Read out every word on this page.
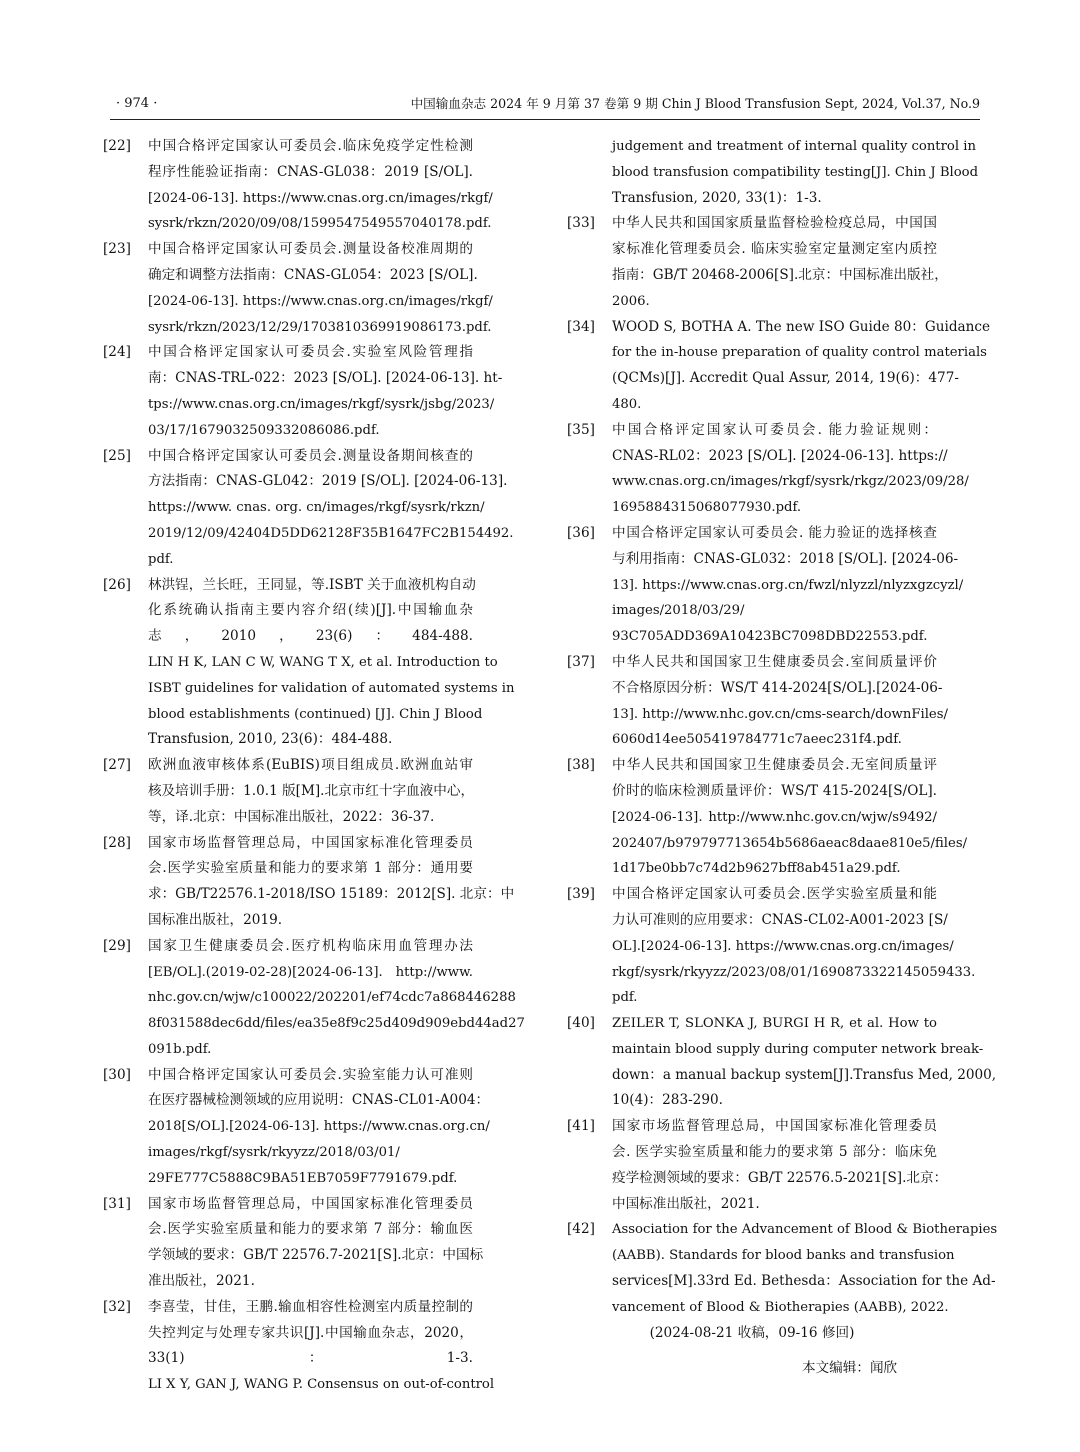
· 974 ·	中国输血杂志 2024 年 9 月第 37 卷第 9 期 Chin J Blood Transfusion Sept, 2024, Vol.37, No.9
[22]	中国合格评定国家认可委员会.临床免疫学定性检测
程序性能验证指南：CNAS-GL038：2019 [S/OL].
[2024-06-13]. https://www.cnas.org.cn/images/rkgf/
sysrk/rkzn/2020/09/08/1599547549557040178.pdf.
[23]	中国合格评定国家认可委员会.测量设备校准周期的
确定和调整方法指南：CNAS-GL054：2023 [S/OL].
[2024-06-13]. https://www.cnas.org.cn/images/rkgf/
sysrk/rkzn/2023/12/29/1703810369919086173.pdf.
[24]	中国合格评定国家认可委员会.实验室风险管理指
南：CNAS-TRL-022：2023 [S/OL]. [2024-06-13]. ht-
tps://www.cnas.org.cn/images/rkgf/sysrk/jsbg/2023/
03/17/1679032509332086086.pdf.
[25]	中国合格评定国家认可委员会.测量设备期间核查的
方法指南：CNAS-GL042：2019 [S/OL]. [2024-06-13].
https://www. cnas. org. cn/images/rkgf/sysrk/rkzn/
2019/12/09/42404D5DD62128F35B1647FC2B154492.
pdf.
[26]	林洪锃，兰长旺，王同显，等.ISBT 关于血液机构自动
化系统确认指南主要内容介绍(续)[J].中国输血杂
志，2010，23(6)：484-488.
LIN H K, LAN C W, WANG T X, et al. Introduction to
ISBT guidelines for validation of automated systems in
blood establishments (continued) [J]. Chin J Blood
Transfusion, 2010, 23(6)：484-488.
[27]	欧洲血液审核体系(EuBIS)项目组成员.欧洲血站审
核及培训手册：1.0.1 版[M].北京市红十字血液中心，
等，译.北京：中国标准出版社，2022：36-37.
[28]	国家市场监督管理总局，中国国家标准化管理委员
会.医学实验室质量和能力的要求第 1 部分：通用要
求：GB/T22576.1-2018/ISO 15189：2012[S]. 北京：中
国标准出版社，2019.
[29]	国家卫生健康委员会.医疗机构临床用血管理办法
[EB/OL].(2019-02-28)[2024-06-13]. http://www.
nhc.gov.cn/wjw/c100022/202201/ef74cdc7a868446288
8f031588dec6dd/files/ea35e8f9c25d409d909ebd44ad27
091b.pdf.
[30]	中国合格评定国家认可委员会.实验室能力认可准则
在医疗器械检测领域的应用说明：CNAS-CL01-A004：
2018[S/OL].[2024-06-13]. https://www.cnas.org.cn/
images/rkgf/sysrk/rkyyzz/2018/03/01/
29FE777C5888C9BA51EB7059F7791679.pdf.
[31]	国家市场监督管理总局，中国国家标准化管理委员
会.医学实验室质量和能力的要求第 7 部分：输血医
学领域的要求：GB/T 22576.7-2021[S].北京：中国标
准出版社，2021.
[32]	李喜莹，甘佳，王鹏.输血相容性检测室内质量控制的
失控判定与处理专家共识[J].中国输血杂志，2020，
33(1)：1-3.
LI X Y, GAN J, WANG P. Consensus on out-of-control
judgement and treatment of internal quality control in
blood transfusion compatibility testing[J]. Chin J Blood
Transfusion, 2020, 33(1)：1-3.
[33]	中华人民共和国国家质量监督检验检疫总局，中国国
家标准化管理委员会. 临床实验室定量测定室内质控
指南：GB/T 20468-2006[S].北京：中国标准出版社，
2006.
[34]	WOOD S, BOTHA A. The new ISO Guide 80：Guidance
for the in-house preparation of quality control materials
(QCMs)[J]. Accredit Qual Assur, 2014, 19(6)：477-
480.
[35]	中国合格评定国家认可委员会. 能力验证规则：
CNAS-RL02：2023 [S/OL]. [2024-06-13]. https://
www.cnas.org.cn/images/rkgf/sysrk/rkgz/2023/09/28/
1695884315068077930.pdf.
[36]	中国合格评定国家认可委员会. 能力验证的选择核查
与利用指南：CNAS-GL032：2018 [S/OL]. [2024-06-
13]. https://www.cnas.org.cn/fwzl/nlyzzl/nlyzxgzcyzl/
images/2018/03/29/
93C705ADD369A10423BC7098DBD22553.pdf.
[37]	中华人民共和国国家卫生健康委员会.室间质量评价
不合格原因分析：WS/T 414-2024[S/OL].[2024-06-
13]. http://www.nhc.gov.cn/cms-search/downFiles/
6060d14ee505419784771c7aeec231f4.pdf.
[38]	中华人民共和国国家卫生健康委员会.无室间质量评
价时的临床检测质量评价：WS/T 415-2024[S/OL].
[2024-06-13]. http://www.nhc.gov.cn/wjw/s9492/
202407/b979797713654b5686aeac8daae810e5/files/
1d17be0bb7c74d2b9627bff8ab451a29.pdf.
[39]	中国合格评定国家认可委员会.医学实验室质量和能
力认可准则的应用要求：CNAS-CL02-A001-2023 [S/
OL].[2024-06-13]. https://www.cnas.org.cn/images/
rkgf/sysrk/rkyyzz/2023/08/01/1690873322145059433.
pdf.
[40]	ZEILER T, SLONKA J, BURGI H R, et al. How to
maintain blood supply during computer network break-
down：a manual backup system[J].Transfus Med, 2000,
10(4)：283-290.
[41]	国家市场监督管理总局，中国国家标准化管理委员
会. 医学实验室质量和能力的要求第 5 部分：临床免
疫学检测领域的要求：GB/T 22576.5-2021[S].北京：
中国标准出版社，2021.
[42]	Association for the Advancement of Blood & Biotherapies
(AABB). Standards for blood banks and transfusion
services[M].33rd Ed. Bethesda：Association for the Ad-
vancement of Blood & Biotherapies (AABB), 2022.
(2024-08-21 收稿，09-16 修回)
本文编辑：闻欣
